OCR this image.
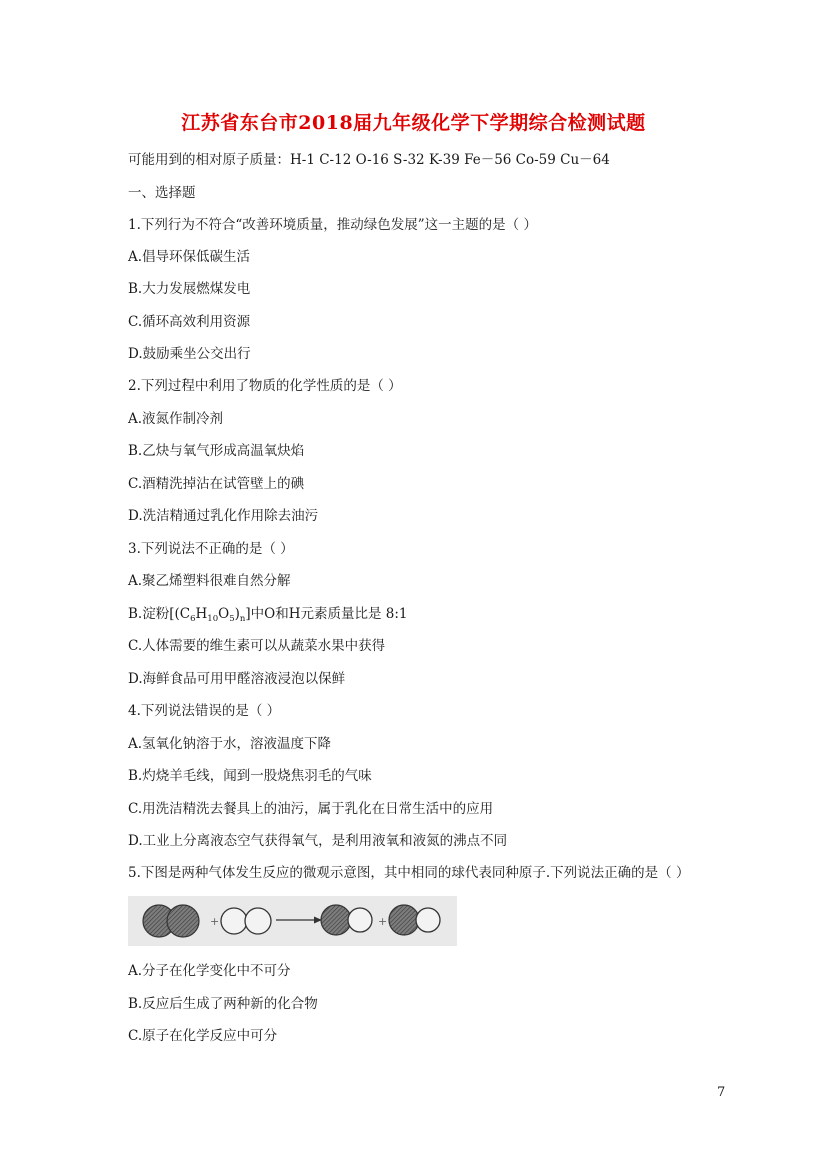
江苏省东台市2018届九年级化学下学期综合检测试题
可能用到的相对原子质量：H-1 C-12 O-16 S-32 K-39 Fe－56 Co-59 Cu－64
一、选择题
1.下列行为不符合“改善环境质量，推动绿色发展”这一主题的是（ ）
A.倡导环保低碳生活
B.大力发展燃煤发电
C.循环高效利用资源
D.鼓励乘坐公交出行
2.下列过程中利用了物质的化学性质的是（ ）
A.液氮作制冷剂
B.乙炔与氧气形成高温氧炔焰
C.酒精洗掉沾在试管壁上的碘
D.洗洁精通过乳化作用除去油污
3.下列说法不正确的是（ ）
A.聚乙烯塑料很难自然分解
B.淀粉$[(C_6H_{10}O_5)_n]$中O和H元素质量比是 8:1
C.人体需要的维生素可以从蔬菜水果中获得
D.海鲜食品可用甲醛溶液浸泡以保鲜
4.下列说法错误的是（ ）
A.氢氧化钠溶于水，溶液温度下降
B.灼烧羊毛线，闻到一股烧焦羽毛的气味
C.用洗洁精洗去餐具上的油污，属于乳化在日常生活中的应用
D.工业上分离液态空气获得氧气，是利用液氧和液氮的沸点不同
5.下图是两种气体发生反应的微观示意图，其中相同的球代表同种原子.下列说法正确的是（ ）
+	+
A.分子在化学变化中不可分
B.反应后生成了两种新的化合物
C.原子在化学反应中可分
7
